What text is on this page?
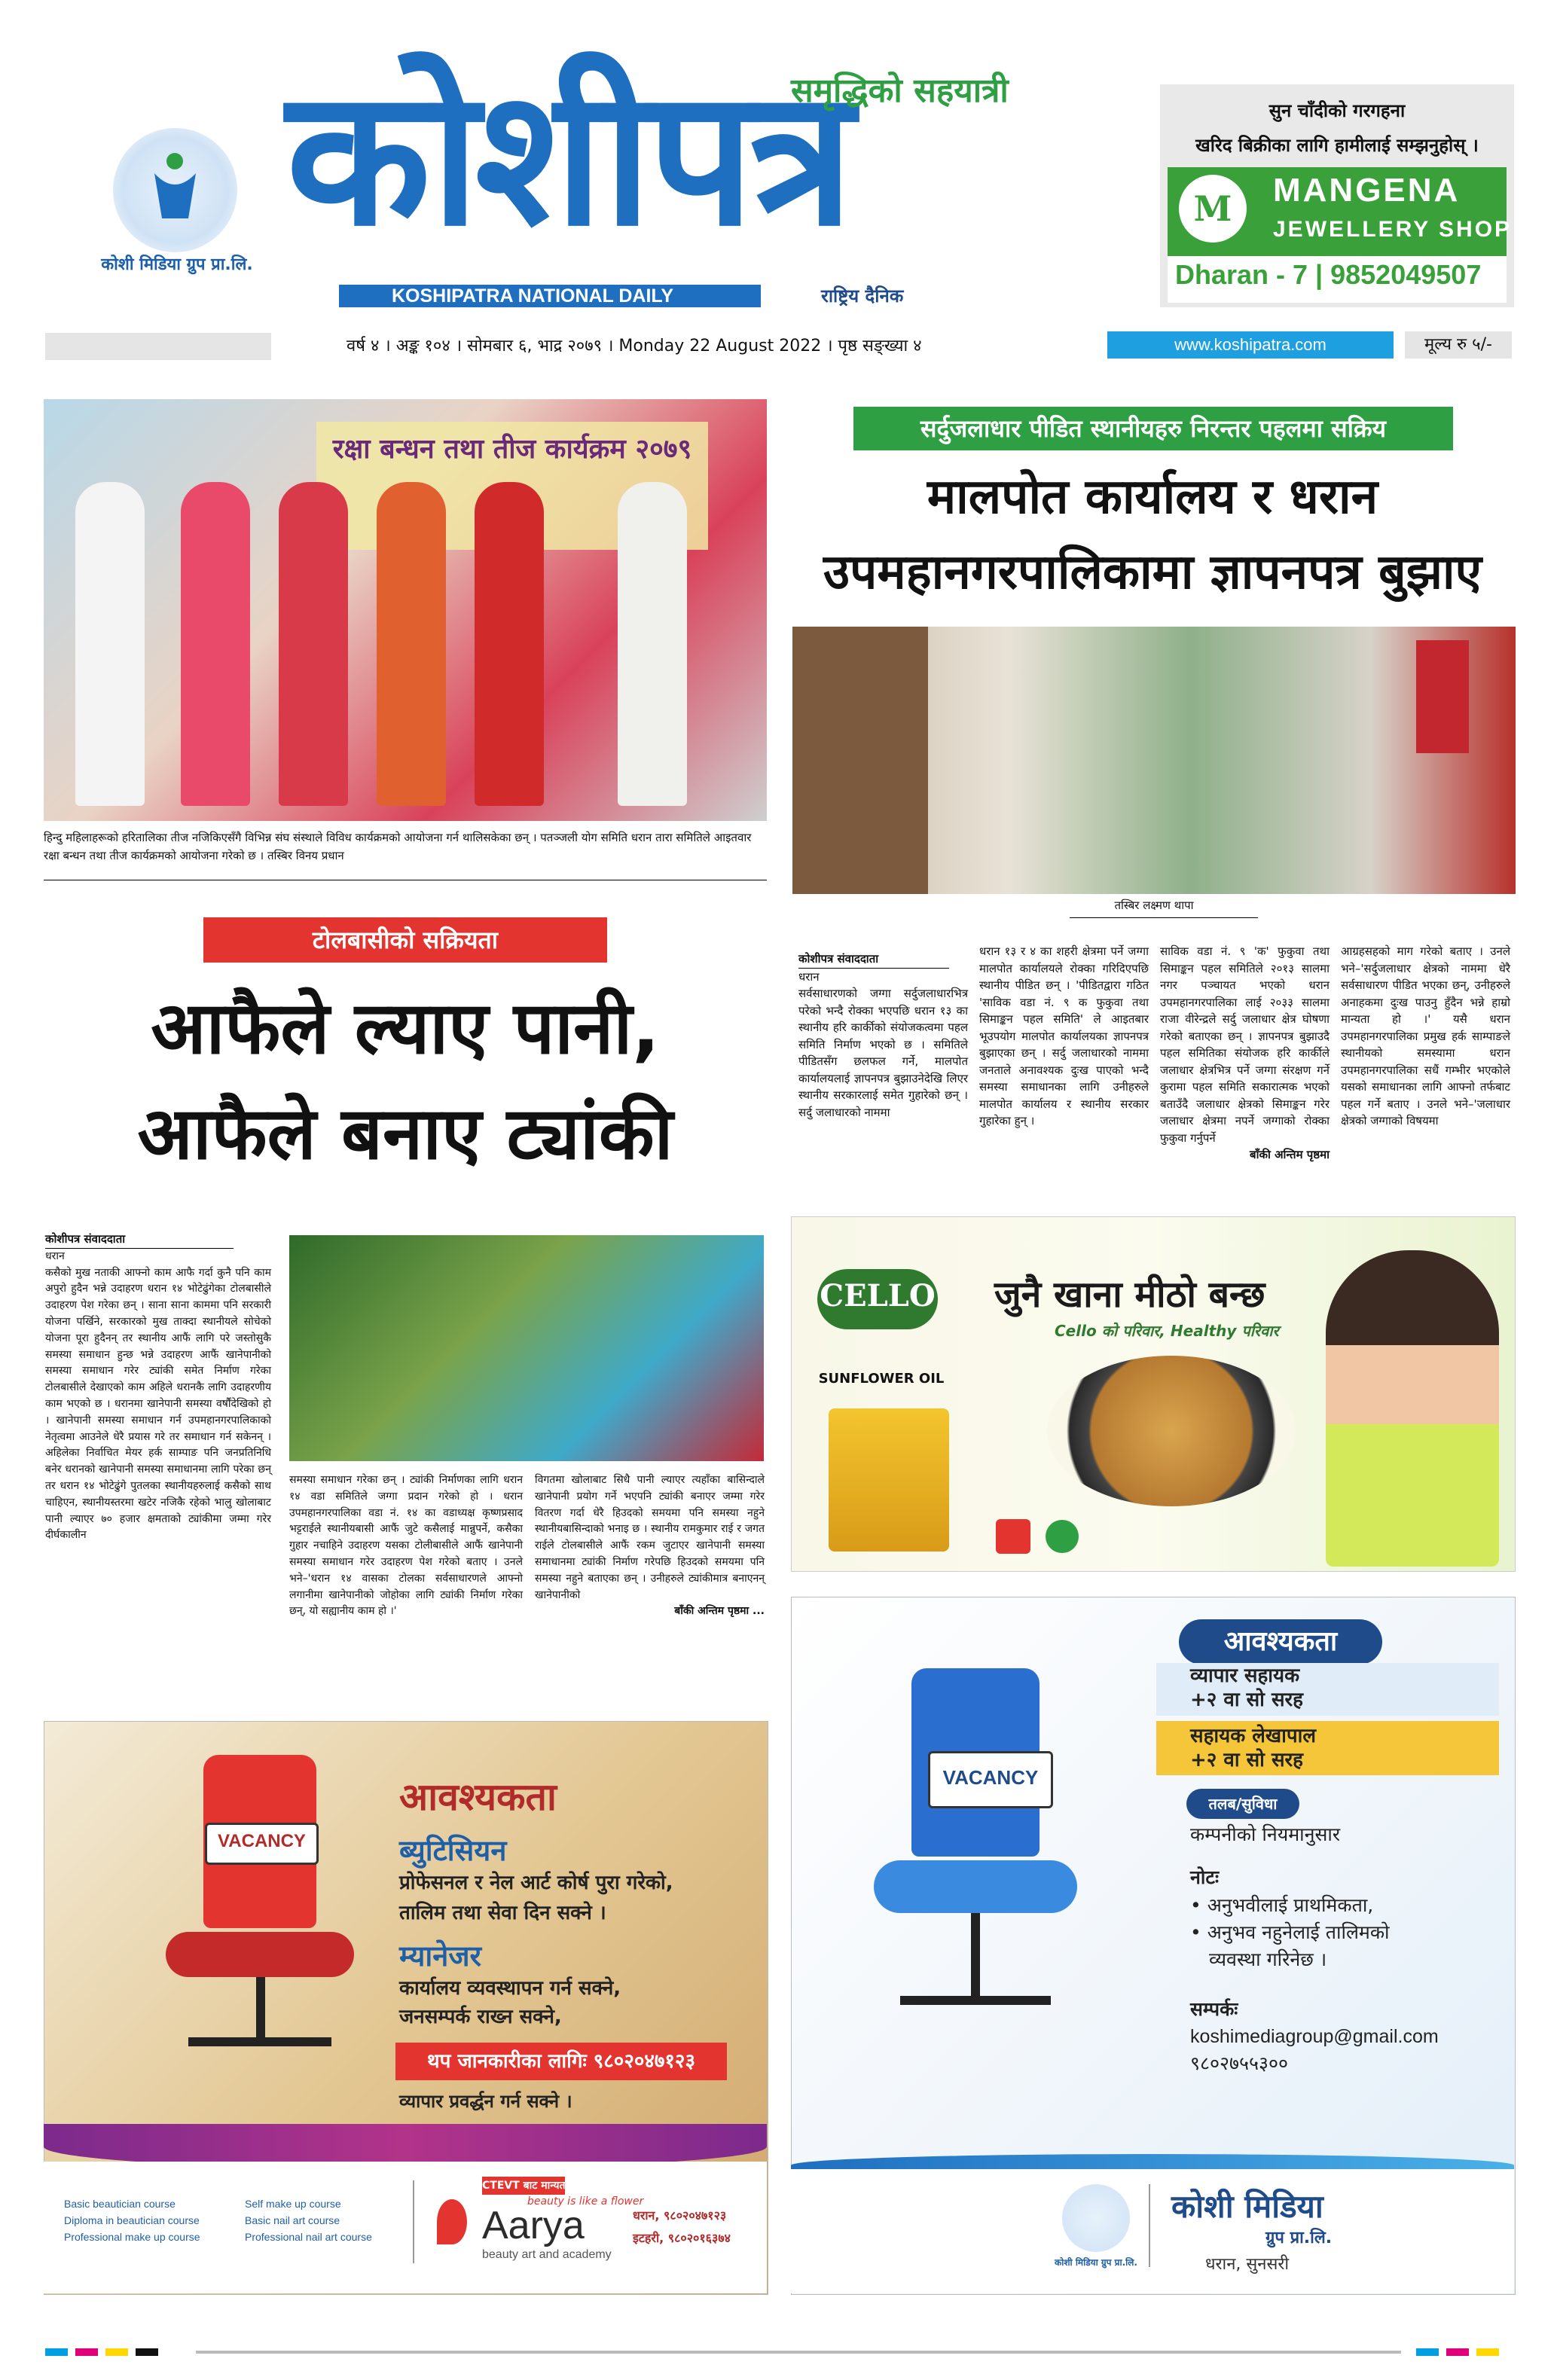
कोशी मिडिया ग्रुप प्रा.लि. कोशीपत्र
समृद्धिको सहयात्री
KOSHIPATRA NATIONAL DAILY	राष्ट्रिय दैनिक
सुन चाँदीको गरगहना
खरिद बिक्रीका लागि हामीलाई सम्झनुहोस् ।
M	MANGENA
JEWELLERY SHOP
Dharan - 7 | 9852049507
वर्ष ४ । अङ्क १०४ । सोमबार ६, भाद्र २०७९ । Monday 22 August 2022 । पृष्ठ सङ्ख्या ४	www.koshipatra.com	मूल्य रु ५/-
रक्षा बन्धन तथा तीज कार्यक्रम २०७९
हिन्दु महिलाहरूको हरितालिका तीज नजिकिएसँगै विभिन्न संघ संस्थाले विविध कार्यक्रमको आयोजना गर्न थालिसकेका छन् । पतञ्जली योग समिति धरान तारा समितिले आइतवार रक्षा बन्धन तथा तीज कार्यक्रमको आयोजना गरेको छ । तस्बिर विनय प्रधान
सर्दुजलाधार पीडित स्थानीयहरु निरन्तर पहलमा सक्रिय
मालपोत कार्यालय र धरान
उपमहानगरपालिकामा ज्ञापनपत्र बुझाए
तस्बिर लक्ष्मण थापा
कोशीपत्र संवाददाता
धरान
सर्वसाधारणको जग्गा सर्दुजलाधारभित्र परेको भन्दै रोक्का भएपछि धरान १३ का स्थानीय हरि कार्कीको संयोजकत्वमा पहल समिति निर्माण भएको छ । समितिले पीडितसँग छलफल गर्ने, मालपोत कार्यालयलाई ज्ञापनपत्र बुझाउनेदेखि लिएर स्थानीय सरकारलाई समेत गुहारेको छन् । सर्दु जलाधारको नाममा
धरान १३ र ४ का शहरी क्षेत्रमा पर्ने जग्गा मालपोत कार्यालयले रोक्का गरिदिएपछि स्थानीय पीडित छन् । 'पीडितद्वारा गठित 'साविक वडा नं. ९ क फुकुवा तथा सिमाङ्कन पहल समिति' ले आइतबार भूउपयोग मालपोत कार्यालयका ज्ञापनपत्र बुझाएका छन् । सर्दु जलाधारको नाममा जनताले अनावश्यक दुःख पाएको भन्दै समस्या समाधानका लागि उनीहरुले मालपोत कार्यालय र स्थानीय सरकार गुहारेका हुन् ।
साविक वडा नं. ९ 'क' फुकुवा तथा सिमाङ्कन पहल समितिले २०१३ सालमा नगर पञ्चायत भएको धरान उपमहानगरपालिका लाई २०३३ सालमा राजा वीरेन्द्रले सर्दु जलाधार क्षेत्र घोषणा गरेको बताएका छन् । ज्ञापनपत्र बुझाउदै पहल समितिका संयोजक हरि कार्कीले जलाधार क्षेत्रभित्र पर्ने जग्गा संरक्षण गर्ने कुरामा पहल समिति सकारात्मक भएको बताउँदै जलाधार क्षेत्रको सिमाङ्कन गरेर जलाधार क्षेत्रमा नपर्ने जग्गाको रोक्का फुकुवा गर्नुपर्ने
बाँकी अन्तिम पृष्ठमा
आग्रहसहको माग गरेको बताए । उनले भने–'सर्दुजलाधार क्षेत्रको नाममा धेरै सर्वसाधारण पीडित भएका छन्, उनीहरुले अनाहकमा दुःख पाउनु हुँदैन भन्ने हाम्रो मान्यता हो ।' यसै धरान उपमहानगरपालिका प्रमुख हर्क साम्पाङले स्थानीयको समस्यामा धरान उपमहानगरपालिका सधैं गम्भीर भएकोले यसको समाधानका लागि आफ्नो तर्फबाट पहल गर्ने बताए । उनले भने–'जलाधार क्षेत्रको जग्गाको विषयमा
टोलबासीको सक्रियता
आफैले ल्याए पानी,
आफैले बनाए ट्यांकी
कोशीपत्र संवाददाता
धरान
कसैको मुख नताकी आफ्नो काम आफै गर्दा कुनै पनि काम अपुरो हुदैन भन्ने उदाहरण धरान १४ भोटेढुंगेका टोलबासीले उदाहरण पेश गरेका छन् । साना साना काममा पनि सरकारी योजना पर्खिने, सरकारको मुख ताक्दा स्थानीयले सोचेको योजना पूरा हुदैनन् तर स्थानीय आफैं लागि परे जस्तोसुकै समस्या समाधान हुन्छ भन्ने उदाहरण आफैं खानेपानीको समस्या समाधान गरेर ट्यांकी समेत निर्माण गरेका टोलबासीले देखाएको काम अहिले धरानकै लागि उदाहरणीय काम भएको छ । धरानमा खानेपानी समस्या वर्षौंदेखिको हो । खानेपानी समस्या समाधान गर्न उपमहानगरपालिकाको नेतृत्वमा आउनेले धेरै प्रयास गरे तर समाधान गर्न सकेनन् । अहिलेका निर्वाचित मेयर हर्क साम्पाङ पनि जनप्रतिनिधि बनेर धरानको खानेपानी समस्या समाधानमा लागि परेका छन् तर धरान १४ भोटेढुंगे पुतलका स्थानीयहरुलाई कसैको साथ चाहिएन, स्थानीयस्तरमा खटेर नजिकै रहेको भालु खोलाबाट पानी ल्याएर ७० हजार क्षमताको ट्यांकीमा जम्मा गरेर दीर्घकालीन
समस्या समाधान गरेका छन् । ट्यांकी निर्माणका लागि धरान १४ वडा समितिले जग्गा प्रदान गरेको हो । धरान उपमहानगरपालिका वडा नं. १४ का वडाध्यक्ष कृष्णप्रसाद भट्टराईले स्थानीयबासी आफैं जुटे कसैलाई मान्नुपर्ने, कसैका गुहार नचाहिने उदाहरण यसका टोलीबासीले आफैं खानेपानी समस्या समाधान गरेर उदाहरण पेश गरेको बताए । उनले भने–'धरान १४ वासका टोलका सर्वसाधारणले आफ्नो लगानीमा खानेपानीको जोहोका लागि ट्यांकी निर्माण गरेका छन्, यो सह्यानीय काम हो ।'
विगतमा खोलाबाट सिधै पानी ल्याएर त्यहाँका बासिन्दाले खानेपानी प्रयोग गर्ने भएपनि ट्यांकी बनाएर जम्मा गरेर वितरण गर्दा धेरै हिउदको समयमा पनि समस्या नहुने स्थानीयबासिन्दाको भनाइ छ । स्थानीय रामकुमार राई र जगत राईले टोलबासीले आफैं रकम जुटाएर खानेपानी समस्या समाधानमा ट्यांकी निर्माण गरेपछि हिउदको समयमा पनि समस्या नहुने बताएका छन् । उनीहरुले ट्यांकीमात्र बनाएनन् खानेपानीको
बाँकी अन्तिम पृष्ठमा ...
CELLO
SUNFLOWER OIL
जुनै खाना मीठो बन्छ
Cello को परिवार, Healthy परिवार
VACANCY
आवश्यकता
ब्युटिसियन
प्रोफेसनल र नेल आर्ट कोर्ष पुरा गरेको,
तालिम तथा सेवा दिन सक्ने ।
म्यानेजर
कार्यालय व्यवस्थापन गर्न सक्ने,
जनसम्पर्क राख्न सक्ने,
थप जानकारीका लागिः ९८०२०४७१२३
व्यापार प्रवर्द्धन गर्न सक्ने ।
Basic beautician course
Diploma in beautician course
Professional make up course
Self make up course
Basic nail art course
Professional nail art course
CTEVT बाट मान्यता प्राप्त
beauty is like a flower
Aarya
beauty art and academy
धरान, ९८०२०४७१२३
इटहरी, ९८०२०१६३७४
VACANCY
आवश्यकता
व्यापार सहायक
+२ वा सो सरह
सहायक लेखापाल
+२ वा सो सरह
तलब/सुविधा
कम्पनीको नियमानुसार
नोटः
• अनुभवीलाई प्राथमिकता,
• अनुभव नहुनेलाई तालिमको
व्यवस्था गरिनेछ ।
सम्पर्कः
koshimediagroup@gmail.com
९८०२७५५३००
कोशी मिडिया ग्रुप प्रा.लि.
कोशी मिडिया
ग्रुप प्रा.लि.
धरान, सुनसरी
